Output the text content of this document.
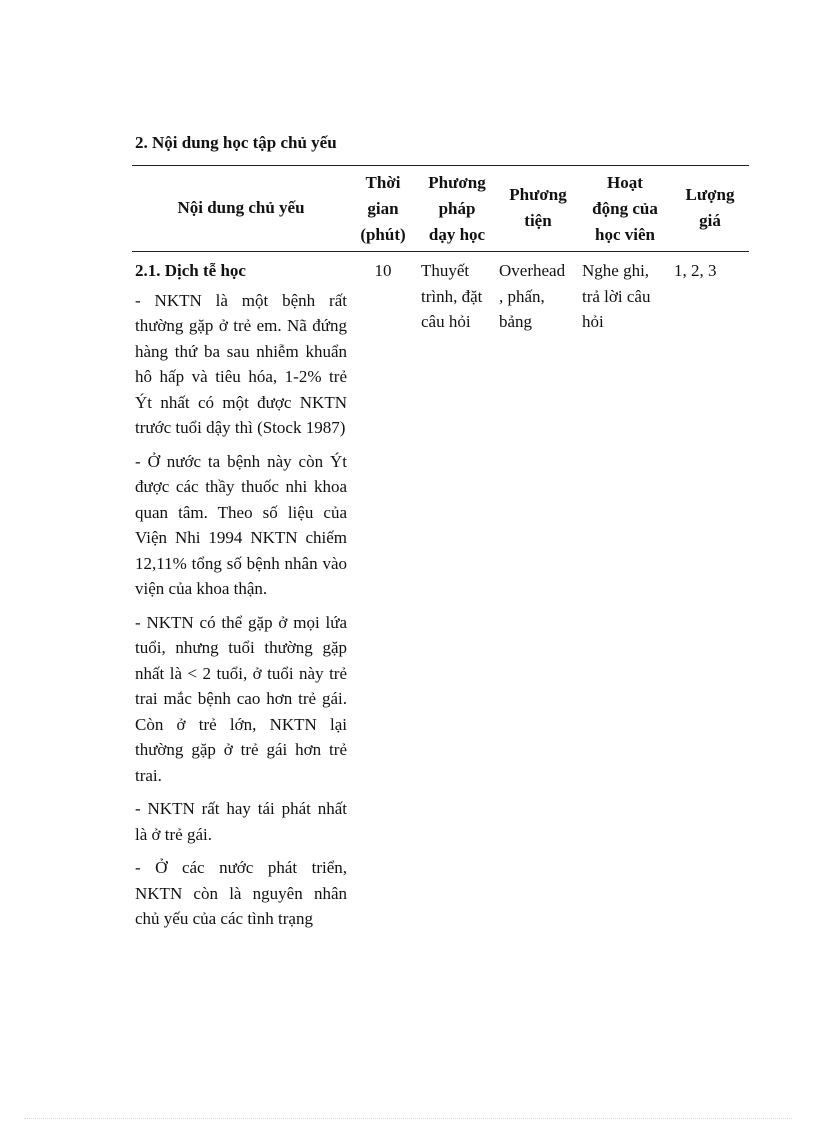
2. Nội dung học tập chủ yếu
Nội dung chủ yếu
Thời
gian
(phút)
Phương
pháp
dạy học
Phương
tiện
Hoạt
động của
học viên
Lượng
giá
2.1. Dịch tễ học

- NKTN là một bệnh rất thường gặp ở trẻ em. Nã đứng hàng thứ ba sau nhiễm khuẩn hô hấp và tiêu hóa, 1-2% trẻ Ýt nhất có một được NKTN trước tuổi dậy thì (Stock 1987)

- Ở nước ta bệnh này còn Ýt được các thầy thuốc nhi khoa quan tâm. Theo số liệu của Viện Nhi 1994 NKTN chiếm 12,11% tổng số bệnh nhân vào viện của khoa thận.

- NKTN có thể gặp ở mọi lứa tuổi, nhưng tuổi thường gặp nhất là < 2 tuổi, ở tuổi này trẻ trai mắc bệnh cao hơn trẻ gái. Còn ở trẻ lớn, NKTN lại thường gặp ở trẻ gái hơn trẻ trai.

- NKTN rất hay tái phát nhất là ở trẻ gái.

- Ở các nước phát triển, NKTN còn là nguyên nhân chủ yếu của các tình trạng

10	Thuyết
trình, đặt
câu hỏi
Overhead
, phấn,
bảng
Nghe ghi,
trả lời câu
hỏi
1, 2, 3
